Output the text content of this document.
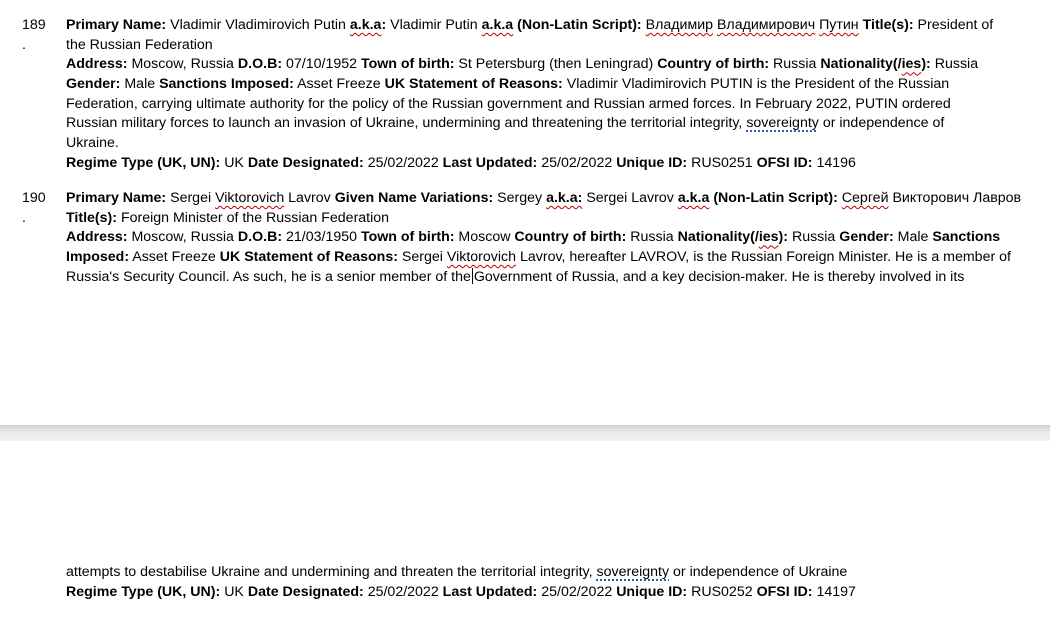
189
.
Primary Name: Vladimir Vladimirovich Putin a.k.a: Vladimir Putin a.k.a (Non-Latin Script): Владимир Владимирович Путин Title(s): President of
the Russian Federation
Address: Moscow, Russia D.O.B: 07/10/1952 Town of birth: St Petersburg (then Leningrad) Country of birth: Russia Nationality(/ies): Russia
Gender: Male Sanctions Imposed: Asset Freeze UK Statement of Reasons: Vladimir Vladimirovich PUTIN is the President of the Russian
Federation, carrying ultimate authority for the policy of the Russian government and Russian armed forces. In February 2022, PUTIN ordered
Russian military forces to launch an invasion of Ukraine, undermining and threatening the territorial integrity, sovereignty or independence of
Ukraine.
Regime Type (UK, UN): UK Date Designated: 25/02/2022 Last Updated: 25/02/2022 Unique ID: RUS0251 OFSI ID: 14196
190
.
Primary Name: Sergei Viktorovich Lavrov Given Name Variations: Sergey a.k.a: Sergei Lavrov a.k.a (Non-Latin Script): Сергей Викторович Лавров
Title(s): Foreign Minister of the Russian Federation
Address: Moscow, Russia D.O.B: 21/03/1950 Town of birth: Moscow Country of birth: Russia Nationality(/ies): Russia Gender: Male Sanctions
Imposed: Asset Freeze UK Statement of Reasons: Sergei Viktorovich Lavrov, hereafter LAVROV, is the Russian Foreign Minister. He is a member of
Russia's Security Council. As such, he is a senior member of the Government of Russia, and a key decision-maker. He is thereby involved in its
attempts to destabilise Ukraine and undermining and threaten the territorial integrity, sovereignty or independence of Ukraine
Regime Type (UK, UN): UK Date Designated: 25/02/2022 Last Updated: 25/02/2022 Unique ID: RUS0252 OFSI ID: 14197
